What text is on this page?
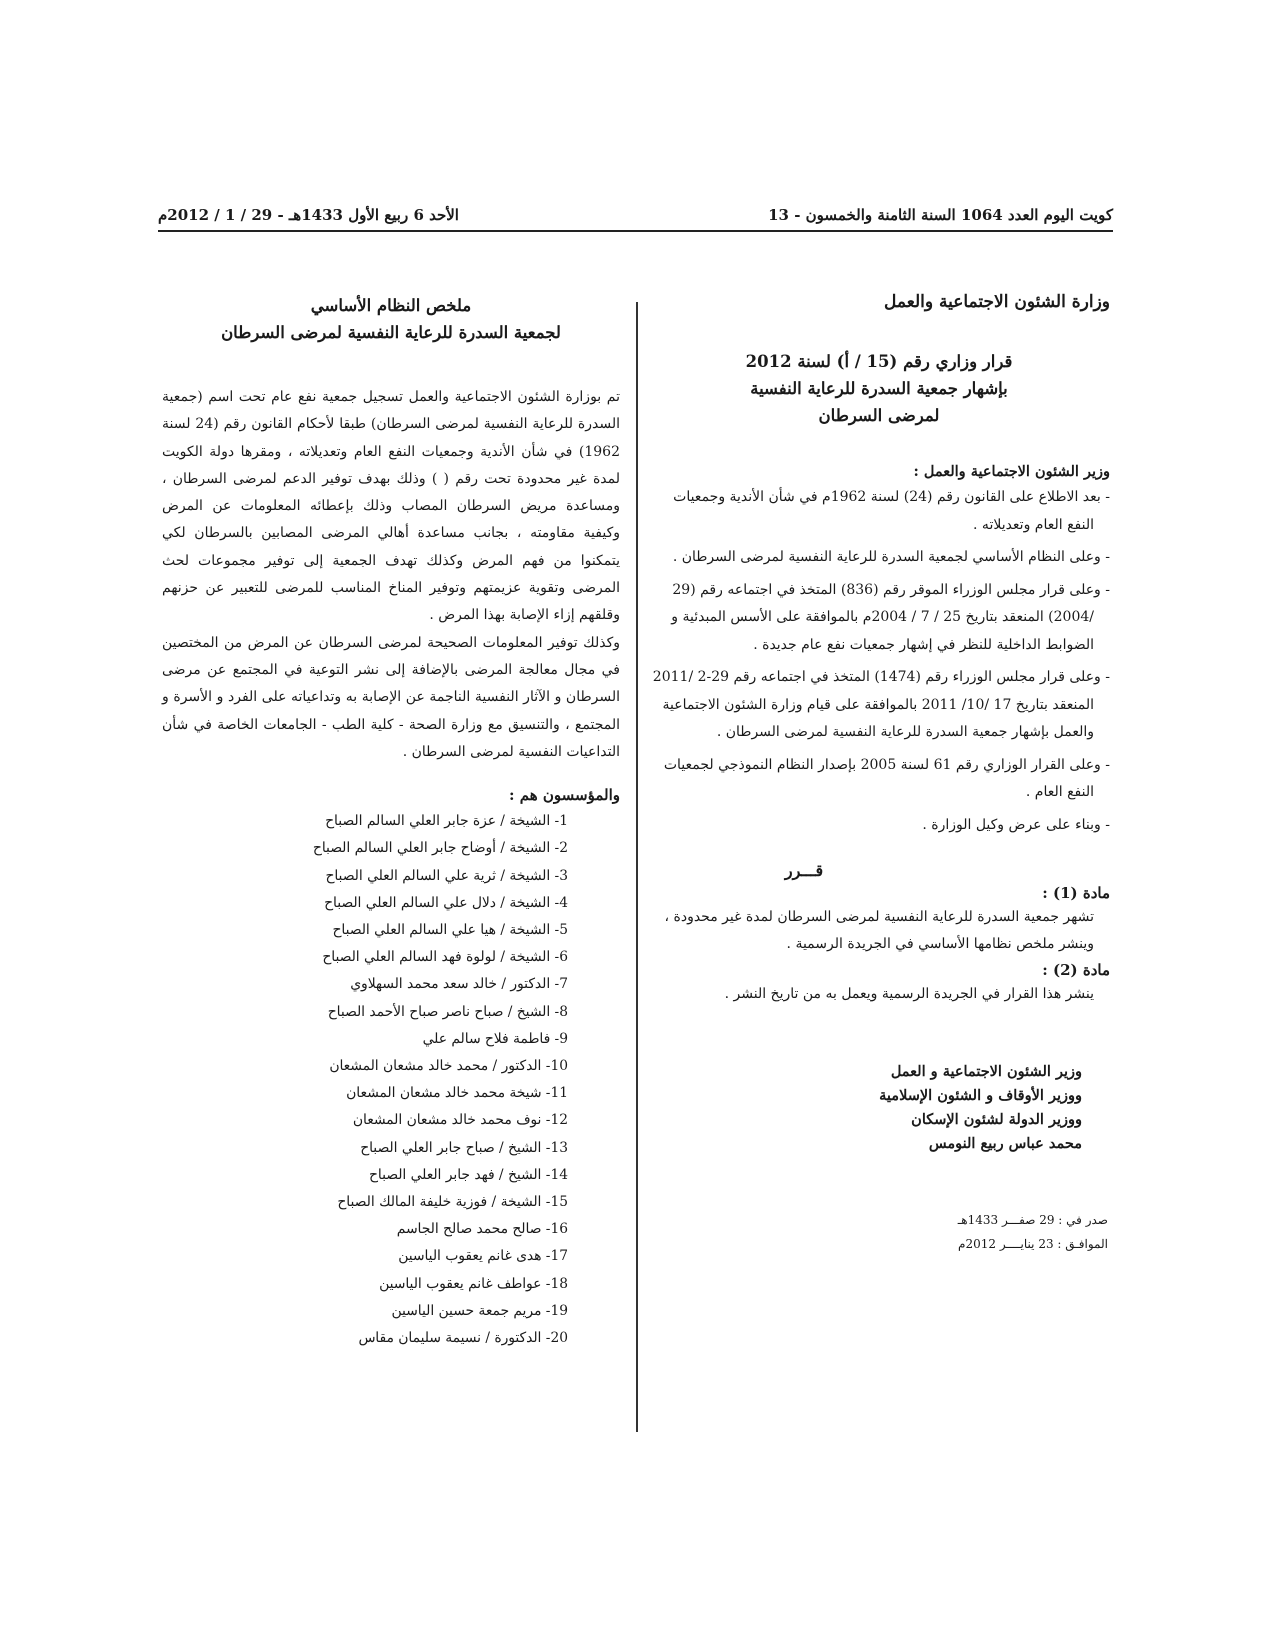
كويت اليوم العدد 1064 السنة الثامنة والخمسون - 13
الأحد 6 ربيع الأول 1433هـ - 29 / 1 / 2012م
وزارة الشئون الاجتماعية والعمل
قرار وزاري رقم (15 / أ) لسنة 2012
بإشهار جمعية السدرة للرعاية النفسية
لمرضى السرطان
وزير الشئون الاجتماعية والعمل :
- بعد الاطلاع على القانون رقم (24) لسنة 1962م في شأن الأندية وجمعيات النفع العام وتعديلاته .
- وعلى النظام الأساسي لجمعية السدرة للرعاية النفسية لمرضى السرطان .
- وعلى قرار مجلس الوزراء الموقر رقم (836) المتخذ في اجتماعه رقم (29 /2004) المنعقد بتاريخ 25 / 7 / 2004م بالموافقة على الأسس المبدئية و الضوابط الداخلية للنظر في إشهار جمعيات نفع عام جديدة .
- وعلى قرار مجلس الوزراء رقم (1474) المتخذ في اجتماعه رقم 29-2 /2011 المنعقد بتاريخ 17 /10/ 2011 بالموافقة على قيام وزارة الشئون الاجتماعية والعمل بإشهار جمعية السدرة للرعاية النفسية لمرضى السرطان .
- وعلى القرار الوزاري رقم 61 لسنة 2005 بإصدار النظام النموذجي لجمعيات النفع العام .
- وبناء على عرض وكيل الوزارة .
قـــرر
مادة (1) :
تشهر جمعية السدرة للرعاية النفسية لمرضى السرطان لمدة غير محدودة ، وينشر ملخص نظامها الأساسي في الجريدة الرسمية .
مادة (2) :
ينشر هذا القرار في الجريدة الرسمية ويعمل به من تاريخ النشر .
وزير الشئون الاجتماعية و العمل
ووزير الأوقاف و الشئون الإسلامية
ووزير الدولة لشئون الإسكان
محمد عباس ربيع النومس
صدر في : 29 صفـــر 1433هـ
الموافـق : 23 ينايــــر 2012م
ملخص النظام الأساسي
لجمعية السدرة للرعاية النفسية لمرضى السرطان

تم بوزارة الشئون الاجتماعية والعمل تسجيل جمعية نفع عام تحت اسم (جمعية السدرة للرعاية النفسية لمرضى السرطان) طبقا لأحكام القانون رقم (24 لسنة 1962) في شأن الأندية وجمعيات النفع العام وتعديلاته ، ومقرها دولة الكويت لمدة غير محدودة تحت رقم ( ) وذلك بهدف توفير الدعم لمرضى السرطان ، ومساعدة مريض السرطان المصاب وذلك بإعطائه المعلومات عن المرض وكيفية مقاومته ، بجانب مساعدة أهالي المرضى المصابين بالسرطان لكي يتمكنوا من فهم المرض وكذلك تهدف الجمعية إلى توفير مجموعات لحث المرضى وتقوية عزيمتهم وتوفير المناخ المناسب للمرضى للتعبير عن حزنهم وقلقهم إزاء الإصابة بهذا المرض .

وكذلك توفير المعلومات الصحيحة لمرضى السرطان عن المرض من المختصين في مجال معالجة المرضى بالإضافة إلى نشر التوعية في المجتمع عن مرضى السرطان و الآثار النفسية الناجمة عن الإصابة به وتداعياته على الفرد و الأسرة و المجتمع ، والتنسيق مع وزارة الصحة - كلية الطب - الجامعات الخاصة في شأن التداعيات النفسية لمرضى السرطان .

والمؤسسون هم :
1- الشيخة / عزة جابر العلي السالم الصباح
2- الشيخة / أوضاح جابر العلي السالم الصباح
3- الشيخة / ثرية علي السالم العلي الصباح
4- الشيخة / دلال علي السالم العلي الصباح
5- الشيخة / هيا علي السالم العلي الصباح
6- الشيخة / لولوة فهد السالم العلي الصباح
7- الدكتور / خالد سعد محمد السهلاوي
8- الشيخ / صباح ناصر صباح الأحمد الصباح
9- فاطمة فلاح سالم علي
10- الدكتور / محمد خالد مشعان المشعان
11- شيخة محمد خالد مشعان المشعان
12- نوف محمد خالد مشعان المشعان
13- الشيخ / صباح جابر العلي الصباح
14- الشيخ / فهد جابر العلي الصباح
15- الشيخة / فوزية خليفة المالك الصباح
16- صالح محمد صالح الجاسم
17- هدى غانم يعقوب الياسين
18- عواطف غانم يعقوب الياسين
19- مريم جمعة حسين الياسين
20- الدكتورة / نسيمة سليمان مقاس
